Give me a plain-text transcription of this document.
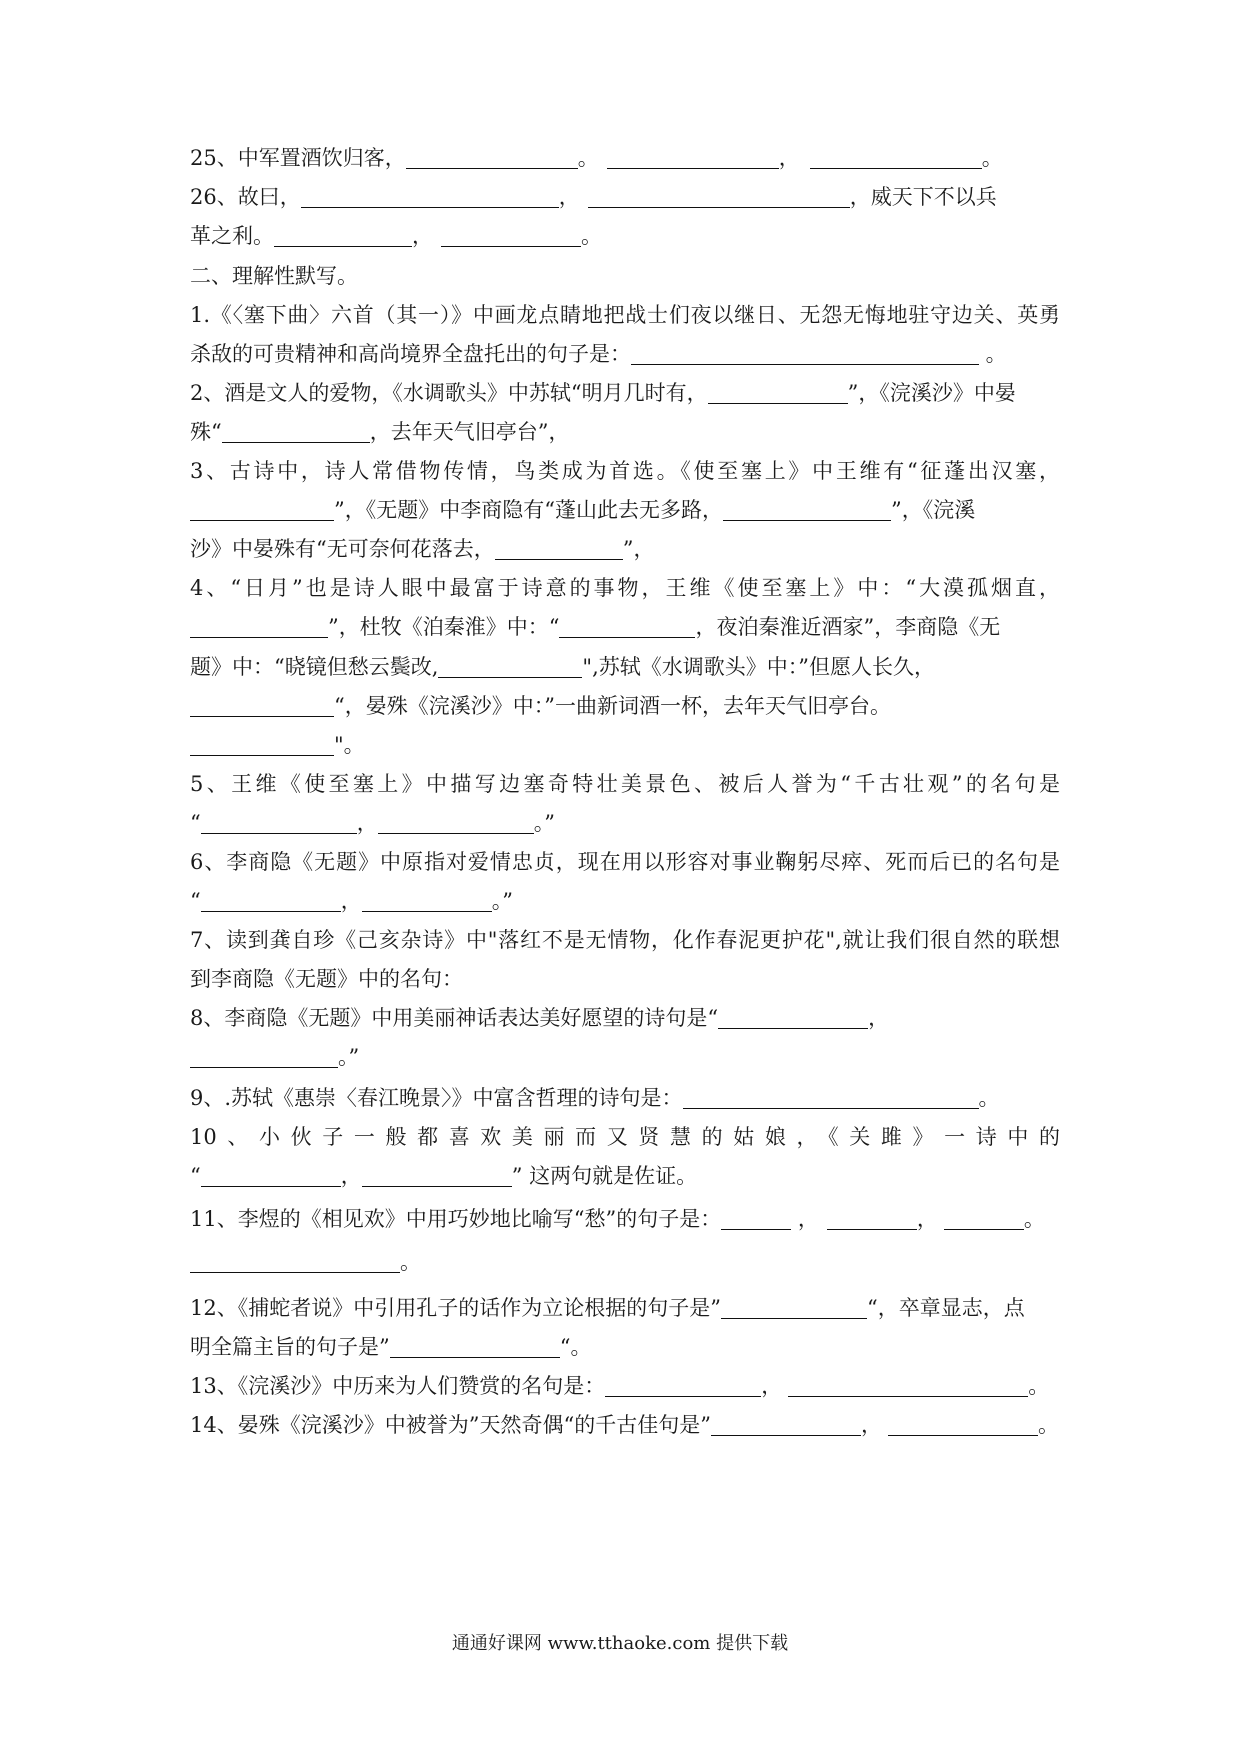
25、中军置酒饮归客，	。	，	。
26、故曰，	，	，威天下不以兵
革之利。	，	。
二、理解性默写。
1.《〈塞下曲〉六首（其一）》中画龙点睛地把战士们夜以继日、无怨无悔地驻守边关、英勇
杀敌的可贵精神和高尚境界全盘托出的句子是：	。
2、酒是文人的爱物，《水调歌头》中苏轼“明月几时有，	”，《浣溪沙》中晏
殊“	，去年天气旧亭台”，
3、古诗中，诗人常借物传情，鸟类成为首选。《使至塞上》中王维有“征蓬出汉塞，
”，《无题》中李商隐有“蓬山此去无多路，	”，《浣溪
沙》中晏殊有“无可奈何花落去，	”，
4、“日月”也是诗人眼中最富于诗意的事物，王维《使至塞上》中：“大漠孤烟直，
”，杜牧《泊秦淮》中：“	，夜泊秦淮近酒家”，李商隐《无
题》中：“晓镜但愁云鬓改,	",苏轼《水调歌头》中：”但愿人长久，
“，晏殊《浣溪沙》中：”一曲新词酒一杯，去年天气旧亭台。
"。
5、王维《使至塞上》中描写边塞奇特壮美景色、被后人誉为“千古壮观”的名句是
“	，	。”
6、李商隐《无题》中原指对爱情忠贞，现在用以形容对事业鞠躬尽瘁、死而后已的名句是
“	，	。”
7、读到龚自珍《己亥杂诗》中"落红不是无情物，化作春泥更护花",就让我们很自然的联想
到李商隐《无题》中的名句：
8、李商隐《无题》中用美丽神话表达美好愿望的诗句是“	，
。”
9、.苏轼《惠崇〈春江晚景〉》中富含哲理的诗句是：	。
10、小伙子一般都喜欢美丽而又贤慧的姑娘，《关雎》一诗中的
“	，	” 这两句就是佐证。
11、李煜的《相见欢》中用巧妙地比喻写“愁”的句子是：	，	，	。
。
12、《捕蛇者说》中引用孔子的话作为立论根据的句子是”	“，卒章显志，点
明全篇主旨的句子是”	“。
13、《浣溪沙》中历来为人们赞赏的名句是：	，	。
14、晏殊《浣溪沙》中被誉为”天然奇偶“的千古佳句是”	，	。
通通好课网 www.tthaoke.com 提供下载
